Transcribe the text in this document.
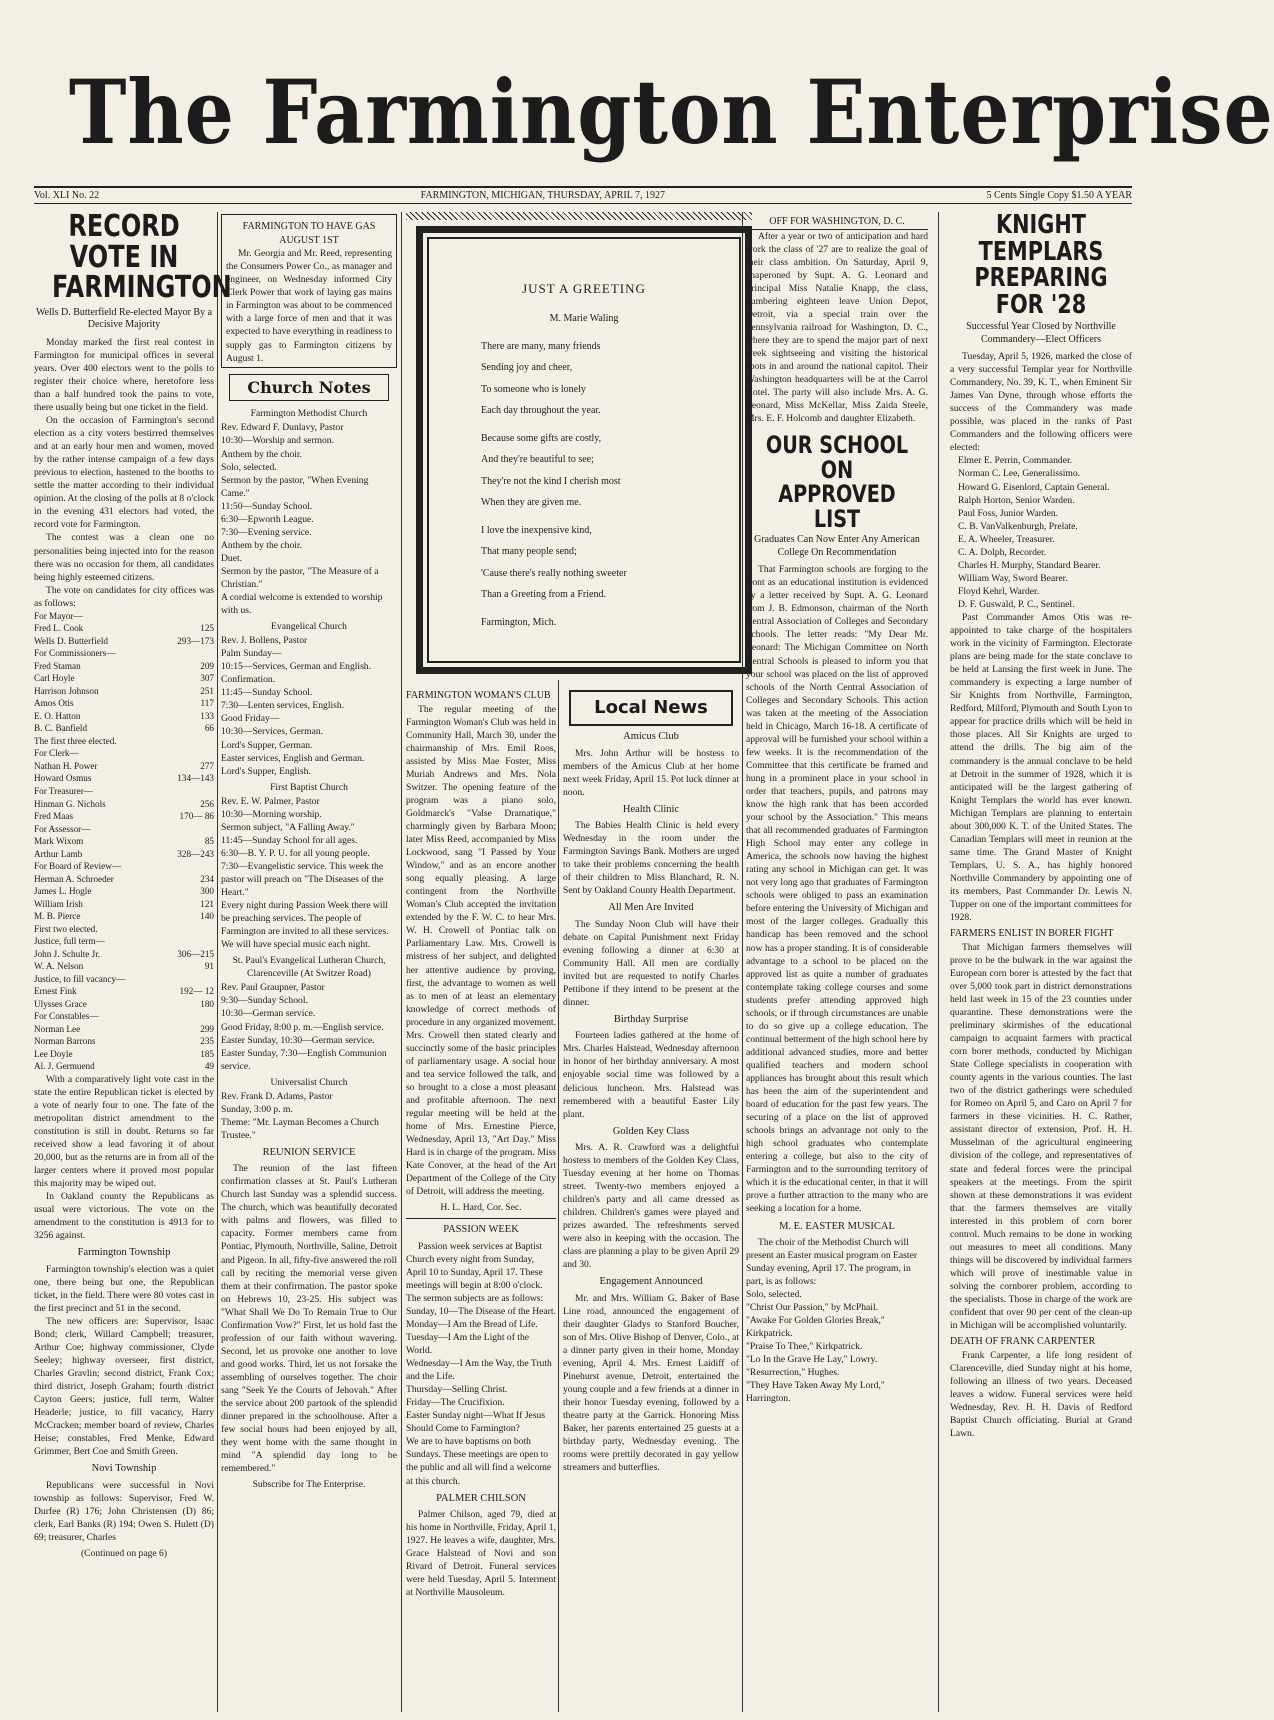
The Farmington Enterprise
Vol. XLI No. 22	FARMINGTON, MICHIGAN, THURSDAY, APRIL 7, 1927	5 Cents Single Copy $1.50 A YEAR
RECORD VOTE IN FARMINGTON
Wells D. Butterfield Re-elected Mayor By a Decisive Majority

Monday marked the first real contest in Farmington for municipal offices in several years. Over 400 electors went to the polls to register their choice where, heretofore less than a half hundred took the pains to vote, there usually being but one ticket in the field.

On the occasion of Farmington's second election as a city voters bestirred themselves and at an early hour men and women, moved by the rather intense campaign of a few days previous to election, hastened to the booths to settle the matter according to their individual opinion. At the closing of the polls at 8 o'clock in the evening 431 electors had voted, the record vote for Farmington.

The contest was a clean one no personalities being injected into for the reason there was no occasion for them, all candidates being highly esteemed citizens.

The vote on candidates for city offices was as follows:

For Mayor—
Fred L. Cook	125
Wells D. Butterfield	293—173
For Commissioners—
Fred Staman	209
Carl Hoyle	307
Harrison Johnson	251
Amos Otis	117
E. O. Hatton	133
B. C. Banfield	66
The first three elected.
For Clerk—
Nathan H. Power	277
Howard Osmus	134—143
For Treasurer—
Hinman G. Nichols	256
Fred Maas	170— 86
For Assessor—
Mark Wixom	85
Arthur Lamb	328—243
For Board of Review—
Herman A. Schroeder	234
James L. Hogle	300
William Irish	121
M. B. Pierce	140
First two elected.
Justice, full term—
John J. Schulte Jr.	306—215
W. A. Nelson	91
Justice, to fill vacancy—
Ernest Fink	192— 12
Ulysses Grace	180
For Constables—
Norman Lee	299
Norman Barrons	235
Lee Doyle	185
Al. J. Germuend	49

With a comparatively light vote cast in the state the entire Republican ticket is elected by a vote of nearly four to one. The fate of the metropolitan district amendment to the constitution is still in doubt. Returns so far received show a lead favoring it of about 20,000, but as the returns are in from all of the larger centers where it proved most popular this majority may be wiped out.

In Oakland county the Republicans as usual were victorious. The vote on the amendment to the constitution is 4913 for to 3256 against.

Farmington Township

Farmington township's election was a quiet one, there being but one, the Republican ticket, in the field. There were 80 votes cast in the first precinct and 51 in the second.

The new officers are: Supervisor, Isaac Bond; clerk, Willard Campbell; treasurer, Arthur Coe; highway commissioner, Clyde Seeley; highway overseer, first district, Charles Gravlin; second district, Frank Cox; third district, Joseph Graham; fourth district Cayton Geers; justice, full term, Walter Headerle; justice, to fill vacancy, Harry McCracken; member board of review, Charles Heise; constables, Fred Menke, Edward Grimmer, Bert Coe and Smith Green.

Novi Township

Republicans were successful in Novi township as follows: Supervisor, Fred W. Durfee (R) 176; John Christensen (D) 86; clerk, Earl Banks (R) 194; Owen S. Hulett (D) 69; treasurer, Charles

(Continued on page 6)
FARMINGTON TO HAVE GAS AUGUST 1ST

Mr. Georgia and Mr. Reed, representing the Consumers Power Co., as manager and engineer, on Wednesday informed City Clerk Power that work of laying gas mains in Farmington was about to be commenced with a large force of men and that it was expected to have everything in readiness to supply gas to Farmington citizens by August 1.

Church Notes
Farmington Methodist Church

Rev. Edward F. Dunlavy, Pastor
10:30—Worship and sermon.
Anthem by the choir.
Solo, selected.
Sermon by the pastor, "When Evening Came."
11:50—Sunday School.
6:30—Epworth League.
7:30—Evening service.
Anthem by the choir.
Duet.
Sermon by the pastor, "The Measure of a Christian."
A cordial welcome is extended to worship with us.

Evangelical Church

Rev. J. Bollens, Pastor
Palm Sunday—
10:15—Services, German and English.
Confirmation.
11:45—Sunday School.
7:30—Lenten services, English.
Good Friday—
10:30—Services, German.
Lord's Supper, German.
Easter services, English and German.
Lord's Supper, English.

First Baptist Church

Rev. E. W. Palmer, Pastor
10:30—Morning worship.
Sermon subject, "A Falling Away."
11:45—Sunday School for all ages.
6:30—B. Y. P. U. for all young people.
7:30—Evangelistic service. This week the pastor will preach on "The Diseases of the Heart."
Every night during Passion Week there will be preaching services. The people of Farmington are invited to all these services. We will have special music each night.

St. Paul's Evangelical Lutheran Church, Clarenceville (At Switzer Road)

Rev. Paul Graupner, Pastor
9:30—Sunday School.
10:30—German service.
Good Friday, 8:00 p. m.—English service.
Easter Sunday, 10:30—German service.
Easter Sunday, 7:30—English Communion service.

Universalist Church

Rev. Frank D. Adams, Pastor
Sunday, 3:00 p. m.
Theme: "Mr. Layman Becomes a Church Trustee."

REUNION SERVICE

The reunion of the last fifteen confirmation classes at St. Paul's Lutheran Church last Sunday was a splendid success. The church, which was beautifully decorated with palms and flowers, was filled to capacity. Former members came from Pontiac, Plymouth, Northville, Saline, Detroit and Pigeon. In all, fifty-five answered the roll call by reciting the memorial verse given them at their confirmation. The pastor spoke on Hebrews 10, 23-25. His subject was "What Shall We Do To Remain True to Our Confirmation Vow?" First, let us hold fast the profession of our faith without wavering. Second, let us provoke one another to love and good works. Third, let us not forsake the assembling of ourselves together. The choir sang "Seek Ye the Courts of Jehovah." After the service about 200 partook of the splendid dinner prepared in the schoolhouse. After a few social hours had been enjoyed by all, they went home with the same thought in mind "A splendid day long to be remembered."

Subscribe for The Enterprise.
JUST A GREETING
M. Marie Waling

There are many, many friends

Sending joy and cheer,

To someone who is lonely

Each day throughout the year.

Because some gifts are costly,

And they're beautiful to see;

They're not the kind I cherish most

When they are given me.

I love the inexpensive kind,

That many people send;

'Cause there's really nothing sweeter

Than a Greeting from a Friend.

Farmington, Mich.

FARMINGTON WOMAN'S CLUB

The regular meeting of the Farmington Woman's Club was held in Community Hall, March 30, under the chairmanship of Mrs. Emil Roos, assisted by Miss Mae Foster, Miss Muriah Andrews and Mrs. Nola Switzer. The opening feature of the program was a piano solo, Goldmarck's "Valse Dramatique," charmingly given by Barbara Moon; later Miss Reed, accompanied by Miss Lockwood, sang "I Passed by Your Window," and as an encore another song equally pleasing. A large contingent from the Northville Woman's Club accepted the invitation extended by the F. W. C. to hear Mrs. W. H. Crowell of Pontiac talk on Parliamentary Law. Mrs. Crowell is mistress of her subject, and delighted her attentive audience by proving, first, the advantage to women as well as to men of at least an elementary knowledge of correct methods of procedure in any organized movement. Mrs. Crowell then stated clearly and succinctly some of the basic principles of parliamentary usage. A social hour and tea service followed the talk, and so brought to a close a most pleasant and profitable afternoon. The next regular meeting will be held at the home of Mrs. Ernestine Pierce, Wednesday, April 13, "Art Day." Miss Hard is in charge of the program. Miss Kate Conover, at the head of the Art Department of the College of the City of Detroit, will address the meeting.

H. L. Hard, Cor. Sec.
PASSION WEEK

Passion week services at Baptist Church every night from Sunday, April 10 to Sunday, April 17. These meetings will begin at 8:00 o'clock. The sermon subjects are as follows:
Sunday, 10—The Disease of the Heart.
Monday—I Am the Bread of Life.
Tuesday—I Am the Light of the World.
Wednesday—I Am the Way, the Truth and the Life.
Thursday—Selling Christ.
Friday—The Crucifixion.
Easter Sunday night—What If Jesus Should Come to Farmington?
We are to have baptisms on both Sundays. These meetings are open to the public and all will find a welcome at this church.

PALMER CHILSON

Palmer Chilson, aged 79, died at his home in Northville, Friday, April 1, 1927. He leaves a wife, daughter, Mrs. Grace Halstead of Novi and son Rivard of Detroit. Funeral services were held Tuesday, April 5. Interment at Northville Mausoleum.

Local News
Amicus Club

Mrs. John Arthur will be hostess to members of the Amicus Club at her home next week Friday, April 15. Pot luck dinner at noon.

Health Clinic

The Babies Health Clinic is held every Wednesday in the room under the Farmington Savings Bank. Mothers are urged to take their problems concerning the health of their children to Miss Blanchard, R. N. Sent by Oakland County Health Department.

All Men Are Invited

The Sunday Noon Club will have their debate on Capital Punishment next Friday evening following a dinner at 6:30 at Community Hall. All men are cordially invited but are requested to notify Charles Pettibone if they intend to be present at the dinner.

Birthday Surprise

Fourteen ladies gathered at the home of Mrs. Charles Halstead, Wednesday afternoon in honor of her birthday anniversary. A most enjoyable social time was followed by a delicious luncheon. Mrs. Halstead was remembered with a beautiful Easter Lily plant.

Golden Key Class

Mrs. A. R. Crawford was a delightful hostess to members of the Golden Key Class, Tuesday evening at her home on Thomas street. Twenty-two members enjoyed a children's party and all came dressed as children. Children's games were played and prizes awarded. The refreshments served were also in keeping with the occasion. The class are planning a play to be given April 29 and 30.

Engagement Announced

Mr. and Mrs. William G. Baker of Base Line road, announced the engagement of their daughter Gladys to Stanford Boucher, son of Mrs. Olive Bishop of Denver, Colo., at a dinner party given in their home, Monday evening, April 4. Mrs. Ernest Laidiff of Pinehurst avenue, Detroit, entertained the young couple and a few friends at a dinner in their honor Tuesday evening, followed by a theatre party at the Garrick. Honoring Miss Baker, her parents entertained 25 guests at a birthday party, Wednesday evening. The rooms were prettily decorated in gay yellow streamers and butterflies.

OFF FOR WASHINGTON, D. C.

After a year or two of anticipation and hard work the class of '27 are to realize the goal of their class ambition. On Saturday, April 9, chaperoned by Supt. A. G. Leonard and Principal Miss Natalie Knapp, the class, numbering eighteen leave Union Depot, Detroit, via a special train over the Pennsylvania railroad for Washington, D. C., where they are to spend the major part of next week sightseeing and visiting the historical spots in and around the national capitol. Their Washington headquarters will be at the Carrol Hotel. The party will also include Mrs. A. G. Leonard, Miss McKellar, Miss Zaida Steele, Mrs. E. F. Holcomb and daughter Elizabeth.

OUR SCHOOL ON APPROVED LIST
Graduates Can Now Enter Any American College On Recommendation

That Farmington schools are forging to the front as an educational institution is evidenced by a letter received by Supt. A. G. Leonard from J. B. Edmonson, chairman of the North Central Association of Colleges and Secondary Schools. The letter reads: "My Dear Mr. Leonard: The Michigan Committee on North Central Schools is pleased to inform you that your school was placed on the list of approved schools of the North Central Association of Colleges and Secondary Schools. This action was taken at the meeting of the Association held in Chicago, March 16-18. A certificate of approval will be furnished your school within a few weeks. It is the recommendation of the Committee that this certificate be framed and hung in a prominent place in your school in order that teachers, pupils, and patrons may know the high rank that has been accorded your school by the Association." This means that all recommended graduates of Farmington High School may enter any college in America, the schools now having the highest rating any school in Michigan can get. It was not very long ago that graduates of Farmington schools were obliged to pass an examination before entering the University of Michigan and most of the larger colleges. Gradually this handicap has been removed and the school now has a proper standing. It is of considerable advantage to a school to be placed on the approved list as quite a number of graduates contemplate taking college courses and some students prefer attending approved high schools, or if through circumstances are unable to do so give up a college education. The continual betterment of the high school here by additional advanced studies, more and better qualified teachers and modern school appliances has brought about this result which has been the aim of the superintendent and board of education for the past few years. The securing of a place on the list of approved schools brings an advantage not only to the high school graduates who contemplate entering a college, but also to the city of Farmington and to the surrounding territory of which it is the educational center, in that it will prove a further attraction to the many who are seeking a location for a home.

M. E. EASTER MUSICAL

The choir of the Methodist Church will present an Easter musical program on Easter Sunday evening, April 17. The program, in part, is as follows:
Solo, selected.
"Christ Our Passion," by McPhail.
"Awake For Golden Glories Break," Kirkpatrick.
"Praise To Thee," Kirkpatrick.
"Lo In the Grave He Lay," Lowry.
"Resurrection," Hughes.
"They Have Taken Away My Lord," Harrington.

KNIGHT TEMPLARS PREPARING FOR '28
Successful Year Closed by Northville Commandery—Elect Officers

Tuesday, April 5, 1926, marked the close of a very successful Templar year for Northville Commandery, No. 39, K. T., when Eminent Sir James Van Dyne, through whose efforts the success of the Commandery was made possible, was placed in the ranks of Past Commanders and the following officers were elected:

Elmer E. Perrin, Commander.
Norman C. Lee, Generalissimo.
Howard G. Eisenlord, Captain General.
Ralph Horton, Senior Warden.
Paul Foss, Junior Warden.
C. B. VanValkenburgh, Prelate.
E. A. Wheeler, Treasurer.
C. A. Dolph, Recorder.
Charles H. Murphy, Standard Bearer.
William Way, Sword Bearer.
Floyd Kehrl, Warder.
D. F. Guswald, P. C., Sentinel.

Past Commander Amos Otis was re-appointed to take charge of the hospitalers work in the vicinity of Farmington. Electorate plans are being made for the state conclave to be held at Lansing the first week in June. The commandery is expecting a large number of Sir Knights from Northville, Farmington, Redford, Milford, Plymouth and South Lyon to appear for practice drills which will be held in those places. All Sir Knights are urged to attend the drills. The big aim of the commandery is the annual conclave to be held at Detroit in the summer of 1928, which it is anticipated will be the largest gathering of Knight Templars the world has ever known. Michigan Templars are planning to entertain about 300,000 K. T. of the United States. The Canadian Templars will meet in reunion at the same time. The Grand Master of Knight Templars, U. S. A., has highly honored Northville Commandery by appointing one of its members, Past Commander Dr. Lewis N. Tupper on one of the important committees for 1928.

FARMERS ENLIST IN BORER FIGHT

That Michigan farmers themselves will prove to be the bulwark in the war against the European corn borer is attested by the fact that over 5,000 took part in district demonstrations held last week in 15 of the 23 counties under quarantine. These demonstrations were the preliminary skirmishes of the educational campaign to acquaint farmers with practical corn borer methods, conducted by Michigan State College specialists in cooperation with county agents in the various counties. The last two of the district gatherings were scheduled for Romeo on April 5, and Caro on April 7 for farmers in these vicinities. H. C. Rather, assistant director of extension, Prof. H. H. Musselman of the agricultural engineering division of the college, and representatives of state and federal forces were the principal speakers at the meetings. From the spirit shown at these demonstrations it was evident that the farmers themselves are vitally interested in this problem of corn borer control. Much remains to be done in working out measures to meet all conditions. Many things will be discovered by individual farmers which will prove of inestimable value in solving the cornborer problem, according to the specialists. Those in charge of the work are confident that over 90 per cent of the clean-up in Michigan will be accomplished voluntarily.

DEATH OF FRANK CARPENTER

Frank Carpenter, a life long resident of Clarenceville, died Sunday night at his home, following an illness of two years. Deceased leaves a widow. Funeral services were held Wednesday, Rev. H. H. Davis of Redford Baptist Church officiating. Burial at Grand Lawn.
